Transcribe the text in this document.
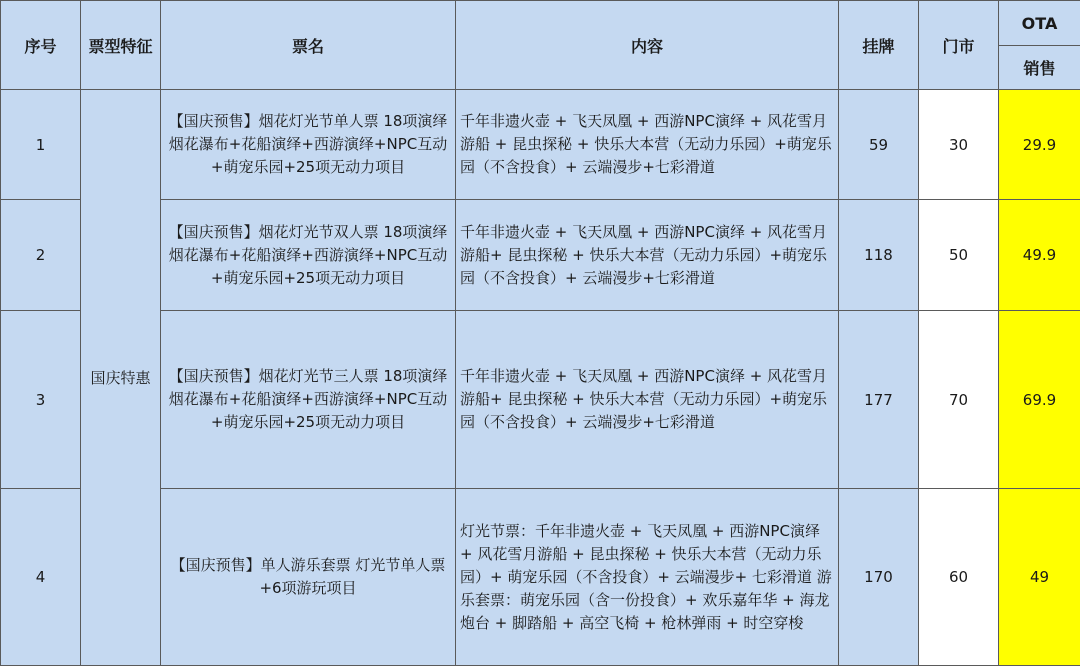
序号	票型特征	票名	内容	挂牌	门市	OTA
						销售
1	国庆特惠	【国庆预售】烟花灯光节单人票 18项演绎 烟花瀑布+花船演绎+西游演绎+NPC互动+萌宠乐园+25项无动力项目	千年非遗火壶 + 飞天凤凰 + 西游NPC演绎 + 风花雪月游船 + 昆虫探秘 + 快乐大本营（无动力乐园）+萌宠乐园（不含投食）+ 云端漫步+七彩滑道	59	30	29.9
2		【国庆预售】烟花灯光节双人票 18项演绎 烟花瀑布+花船演绎+西游演绎+NPC互动+萌宠乐园+25项无动力项目	千年非遗火壶 + 飞天凤凰 + 西游NPC演绎 + 风花雪月游船+ 昆虫探秘 + 快乐大本营（无动力乐园）+萌宠乐园（不含投食）+ 云端漫步+七彩滑道	118	50	49.9
3		【国庆预售】烟花灯光节三人票 18项演绎 烟花瀑布+花船演绎+西游演绎+NPC互动+萌宠乐园+25项无动力项目	千年非遗火壶 + 飞天凤凰 + 西游NPC演绎 + 风花雪月游船+ 昆虫探秘 + 快乐大本营（无动力乐园）+萌宠乐园（不含投食）+ 云端漫步+七彩滑道	177	70	69.9
4		【国庆预售】单人游乐套票 灯光节单人票+6项游玩项目	灯光节票：千年非遗火壶 + 飞天凤凰 + 西游NPC演绎 + 风花雪月游船 + 昆虫探秘 + 快乐大本营（无动力乐园）+ 萌宠乐园（不含投食）+ 云端漫步+ 七彩滑道 游乐套票：萌宠乐园（含一份投食）+ 欢乐嘉年华 + 海龙炮台 + 脚踏船 + 高空飞椅 + 枪林弹雨 + 时空穿梭	170	60	49
